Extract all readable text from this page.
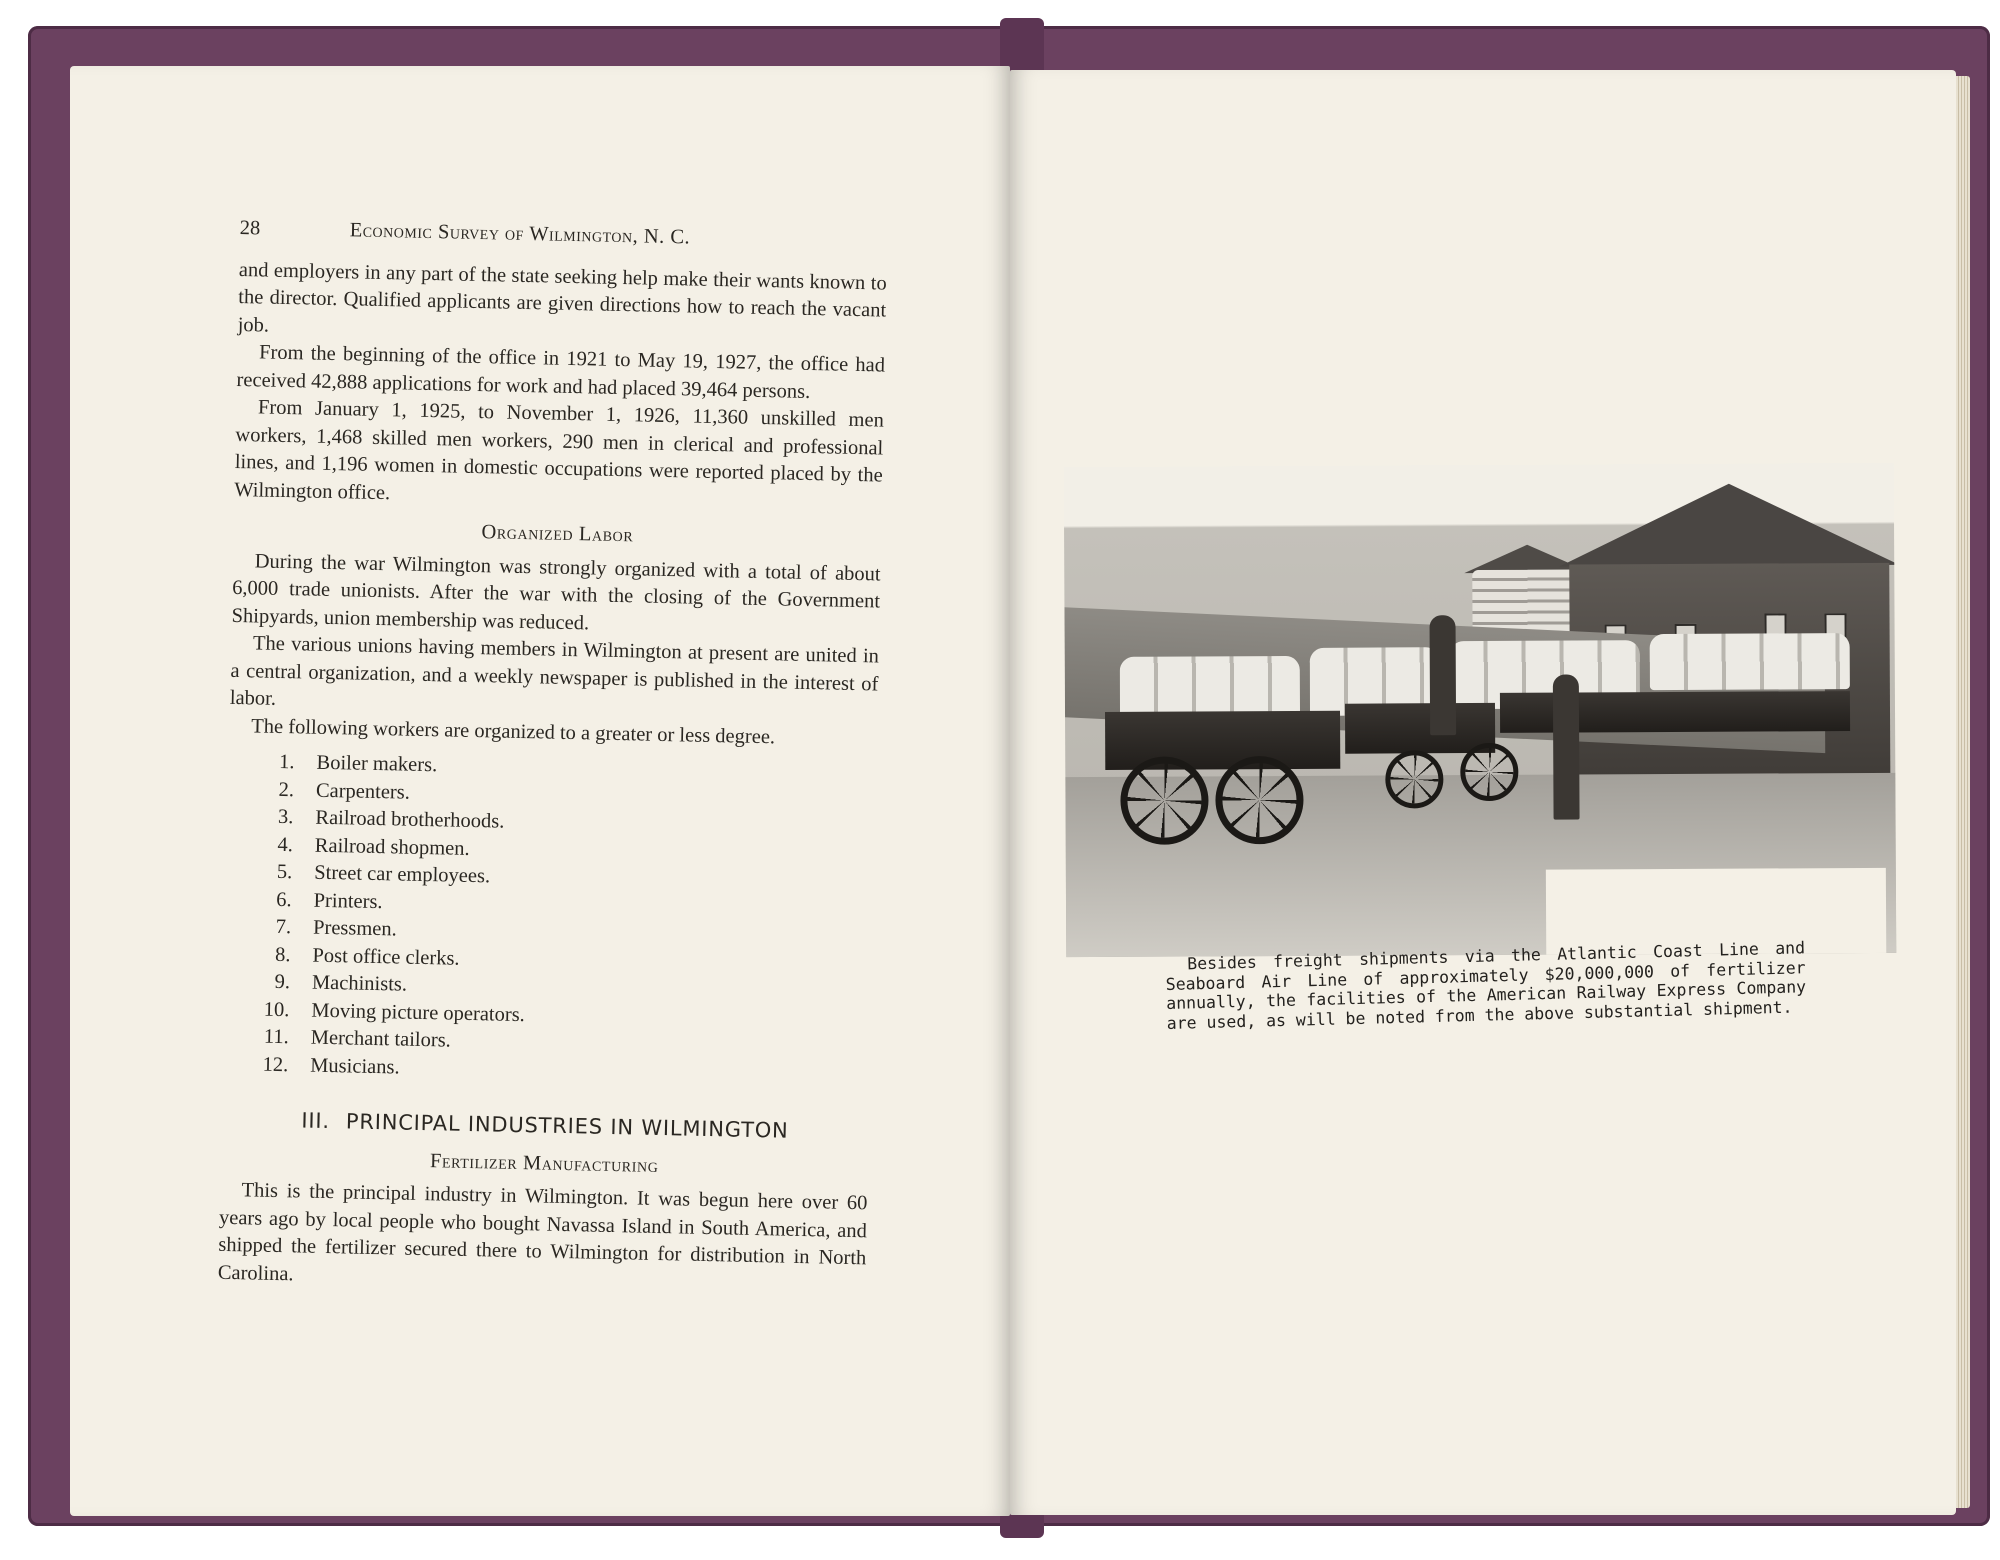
28	Economic Survey of Wilmington, N. C.

and employers in any part of the state seeking help make their wants known to the director. Qualified applicants are given directions how to reach the vacant job.

From the beginning of the office in 1921 to May 19, 1927, the office had received 42,888 applications for work and had placed 39,464 persons.

From January 1, 1925, to November 1, 1926, 11,360 unskilled men workers, 1,468 skilled men workers, 290 men in clerical and professional lines, and 1,196 women in domestic occupations were reported placed by the Wilmington office.

Organized Labor

During the war Wilmington was strongly organized with a total of about 6,000 trade unionists. After the war with the closing of the Government Shipyards, union membership was reduced.

The various unions having members in Wilmington at present are united in a central organization, and a weekly newspaper is published in the interest of labor.

The following workers are organized to a greater or less degree.

1.	Boiler makers.
2.	Carpenters.
3.	Railroad brotherhoods.
4.	Railroad shopmen.
5.	Street car employees.
6.	Printers.
7.	Pressmen.
8.	Post office clerks.
9.	Machinists.
10.	Moving picture operators.
11.	Merchant tailors.
12.	Musicians.
III. PRINCIPAL INDUSTRIES IN WILMINGTON
Fertilizer Manufacturing

This is the principal industry in Wilmington. It was begun here over 60 years ago by local people who bought Navassa Island in South America, and shipped the fertilizer secured there to Wilmington for distribution in North Carolina.

Besides freight shipments via the Atlantic Coast Line and Seaboard Air Line of approximately $20,000,000 of fertilizer annually, the facilities of the American Railway Express Company are used, as will be noted from the above substantial shipment.
